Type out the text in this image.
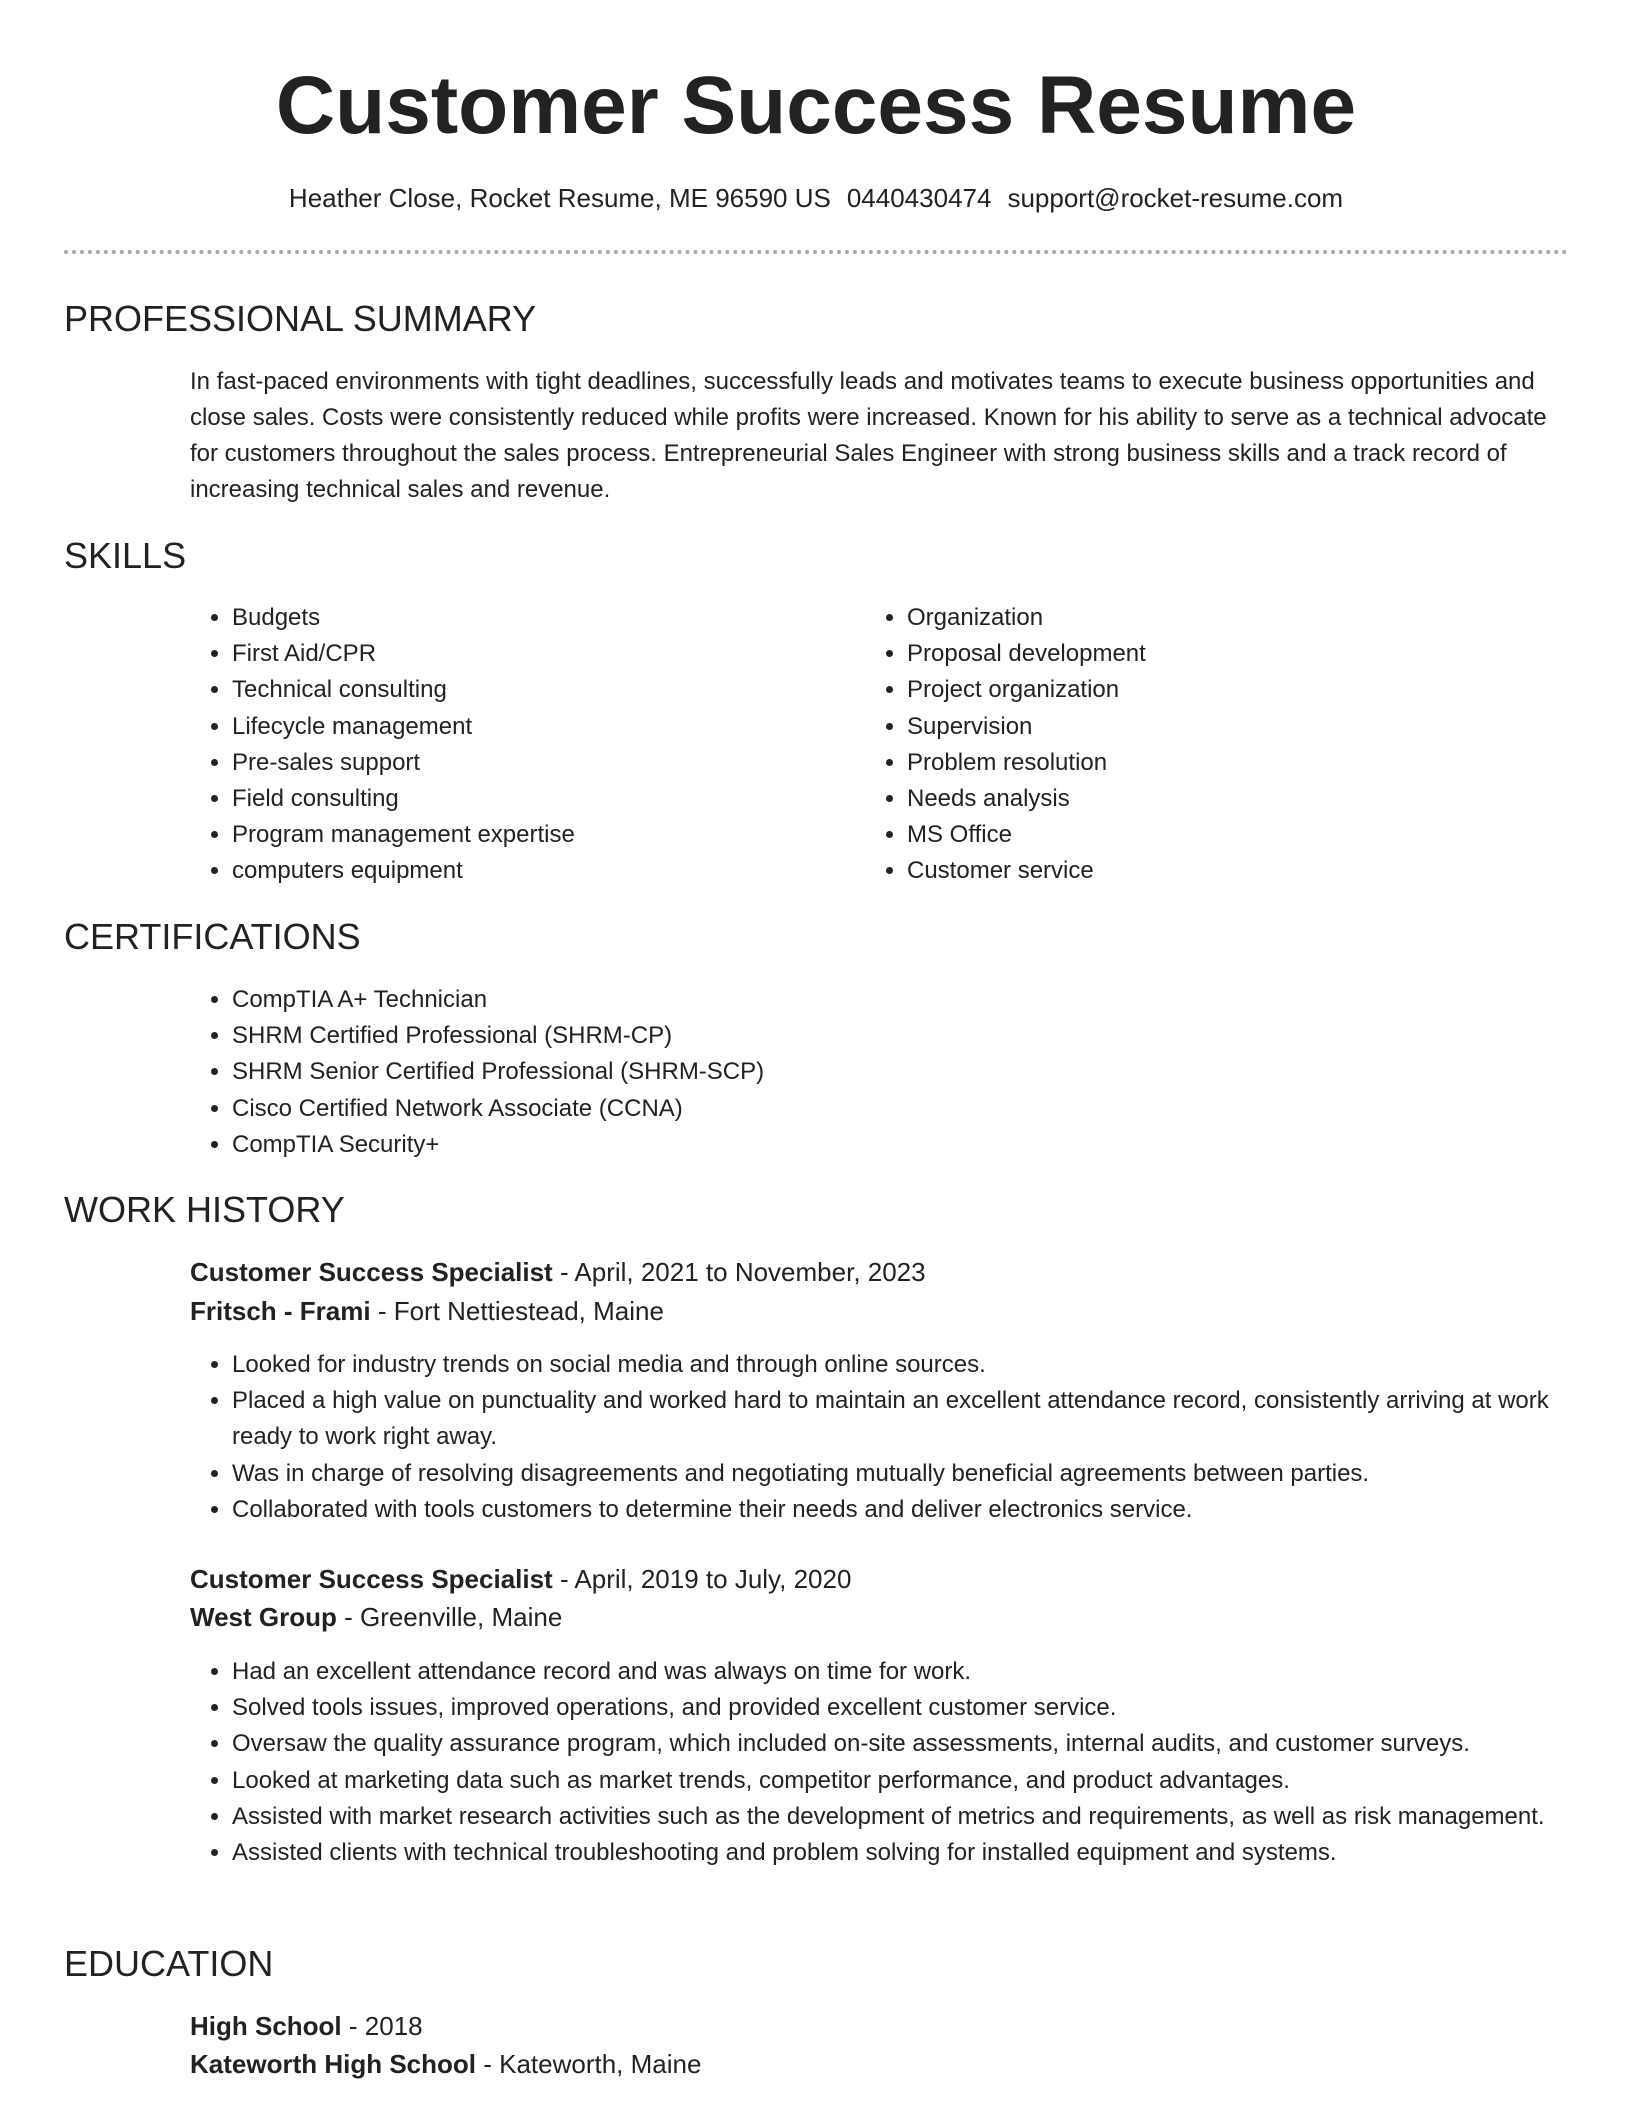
Customer Success Resume
Heather Close, Rocket Resume, ME 96590 US 0440430474 support@rocket-resume.com
PROFESSIONAL SUMMARY

In fast-paced environments with tight deadlines, successfully leads and motivates teams to execute business opportunities and close sales. Costs were consistently reduced while profits were increased. Known for his ability to serve as a technical advocate for customers throughout the sales process. Entrepreneurial Sales Engineer with strong business skills and a track record of increasing technical sales and revenue.

SKILLS
• Budgets
• First Aid/CPR
• Technical consulting
• Lifecycle management
• Pre-sales support
• Field consulting
• Program management expertise
• computers equipment
• Organization
• Proposal development
• Project organization
• Supervision
• Problem resolution
• Needs analysis
• MS Office
• Customer service
CERTIFICATIONS
• CompTIA A+ Technician
• SHRM Certified Professional (SHRM-CP)
• SHRM Senior Certified Professional (SHRM-SCP)
• Cisco Certified Network Associate (CCNA)
• CompTIA Security+
WORK HISTORY

Customer Success Specialist - April, 2021 to November, 2023

Fritsch - Frami - Fort Nettiestead, Maine

• Looked for industry trends on social media and through online sources.
• Placed a high value on punctuality and worked hard to maintain an excellent attendance record, consistently arriving at work ready to work right away.
• Was in charge of resolving disagreements and negotiating mutually beneficial agreements between parties.
• Collaborated with tools customers to determine their needs and deliver electronics service.

Customer Success Specialist - April, 2019 to July, 2020

West Group - Greenville, Maine

• Had an excellent attendance record and was always on time for work.
• Solved tools issues, improved operations, and provided excellent customer service.
• Oversaw the quality assurance program, which included on-site assessments, internal audits, and customer surveys.
• Looked at marketing data such as market trends, competitor performance, and product advantages.
• Assisted with market research activities such as the development of metrics and requirements, as well as risk management.
• Assisted clients with technical troubleshooting and problem solving for installed equipment and systems.
EDUCATION

High School - 2018

Kateworth High School - Kateworth, Maine
